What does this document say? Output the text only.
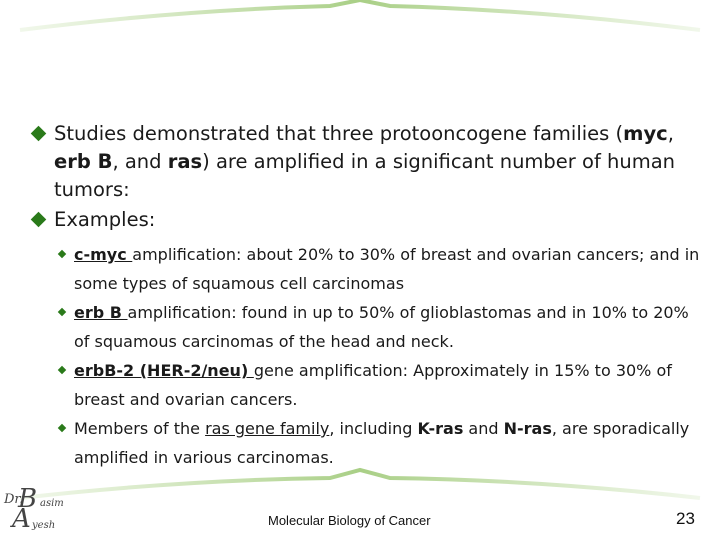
Studies demonstrated that three protooncogene families (myc, erb B, and ras) are amplified in a significant number of human tumors:
Examples:
c-myc amplification: about 20% to 30% of breast and ovarian cancers; and in some types of squamous cell carcinomas
erb B amplification: found in up to 50% of glioblastomas and in 10% to 20% of squamous carcinomas of the head and neck.
erbB-2 (HER-2/neu) gene amplification: Approximately in 15% to 30% of breast and ovarian cancers.
Members of the ras gene family, including K-ras and N-ras, are sporadically amplified in various carcinomas.
Dr.
B asim
A yesh	Molecular Biology of Cancer	23
